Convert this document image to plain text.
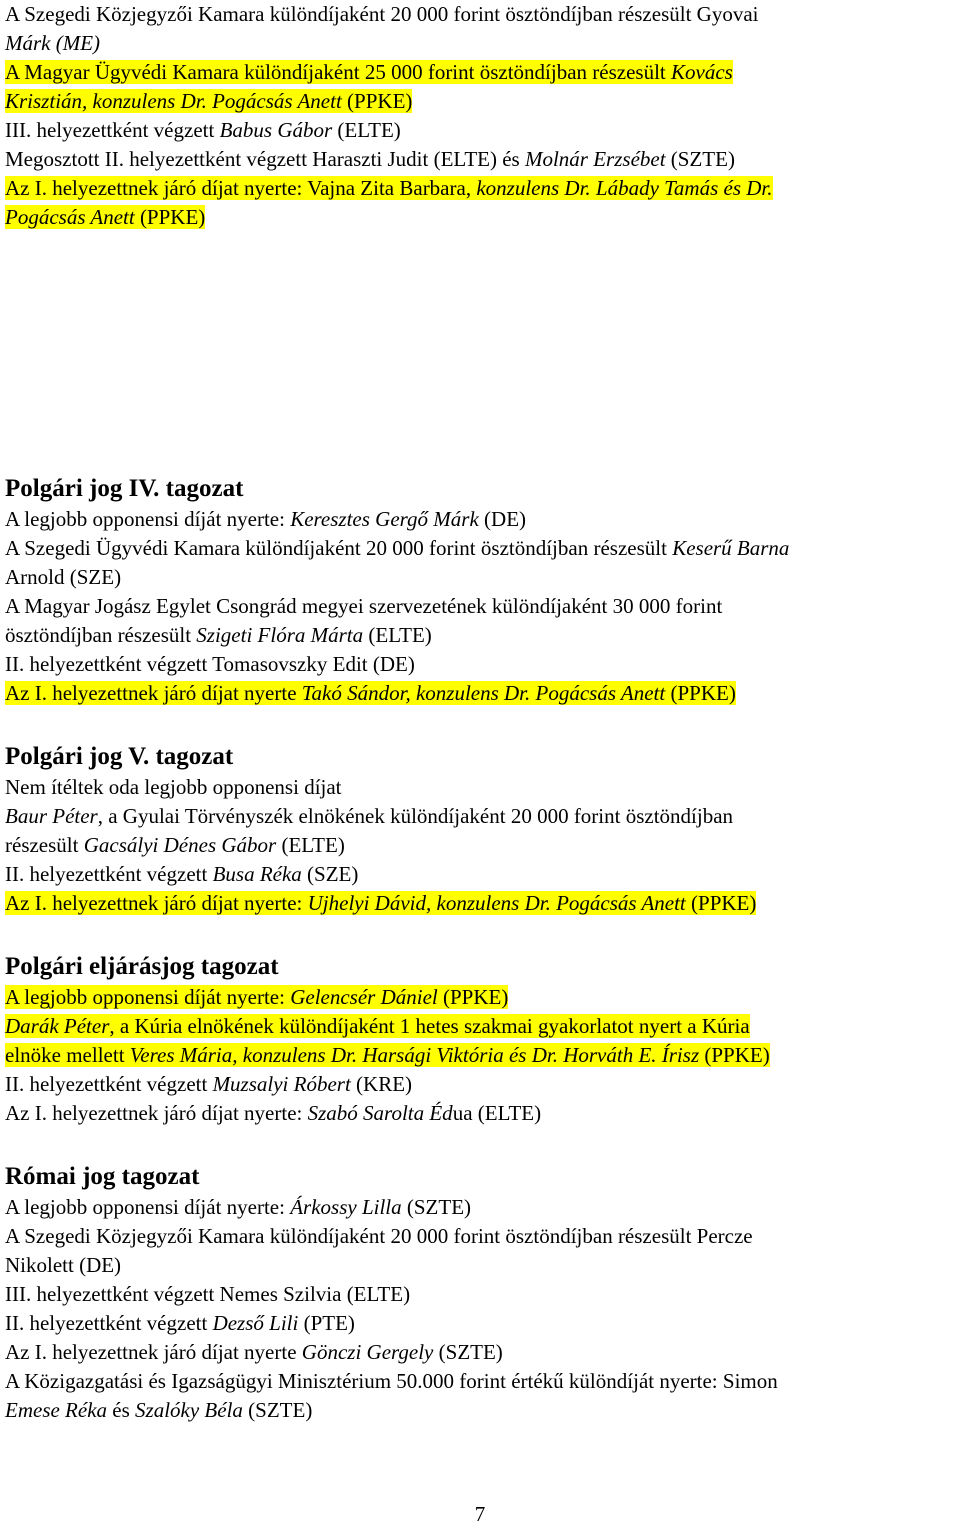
A Szegedi Közjegyzői Kamara különdíjaként 20 000 forint ösztöndíjban részesült Gyovai
Márk (ME)
A Magyar Ügyvédi Kamara különdíjaként 25 000 forint ösztöndíjban részesült Kovács
Krisztián, konzulens Dr. Pogácsás Anett (PPKE)
III. helyezettként végzett Babus Gábor (ELTE)
Megosztott II. helyezettként végzett Haraszti Judit (ELTE) és Molnár Erzsébet (SZTE)
Az I. helyezettnek járó díjat nyerte: Vajna Zita Barbara, konzulens Dr. Lábady Tamás és Dr.
Pogácsás Anett (PPKE)
Polgári jog IV. tagozat
A legjobb opponensi díját nyerte: Keresztes Gergő Márk (DE)
A Szegedi Ügyvédi Kamara különdíjaként 20 000 forint ösztöndíjban részesült Keserű Barna
Arnold (SZE)
A Magyar Jogász Egylet Csongrád megyei szervezetének különdíjaként 30 000 forint
ösztöndíjban részesült Szigeti Flóra Márta (ELTE)
II. helyezettként végzett Tomasovszky Edit (DE)
Az I. helyezettnek járó díjat nyerte Takó Sándor, konzulens Dr. Pogácsás Anett (PPKE)
Polgári jog V. tagozat
Nem ítéltek oda legjobb opponensi díjat
Baur Péter, a Gyulai Törvényszék elnökének különdíjaként 20 000 forint ösztöndíjban
részesült Gacsályi Dénes Gábor (ELTE)
II. helyezettként végzett Busa Réka (SZE)
Az I. helyezettnek járó díjat nyerte: Ujhelyi Dávid, konzulens Dr. Pogácsás Anett (PPKE)
Polgári eljárásjog tagozat
A legjobb opponensi díját nyerte: Gelencsér Dániel (PPKE)
Darák Péter, a Kúria elnökének különdíjaként 1 hetes szakmai gyakorlatot nyert a Kúria
elnöke mellett Veres Mária, konzulens Dr. Harsági Viktória és Dr. Horváth E. Írisz (PPKE)
II. helyezettként végzett Muzsalyi Róbert (KRE)
Az I. helyezettnek járó díjat nyerte: Szabó Sarolta Édua (ELTE)
Római jog tagozat
A legjobb opponensi díját nyerte: Árkossy Lilla (SZTE)
A Szegedi Közjegyzői Kamara különdíjaként 20 000 forint ösztöndíjban részesült Percze
Nikolett (DE)
III. helyezettként végzett Nemes Szilvia (ELTE)
II. helyezettként végzett Dezső Lili (PTE)
Az I. helyezettnek járó díjat nyerte Gönczi Gergely (SZTE)
A Közigazgatási és Igazságügyi Minisztérium 50.000 forint értékű különdíját nyerte: Simon
Emese Réka és Szalóky Béla (SZTE)
7
